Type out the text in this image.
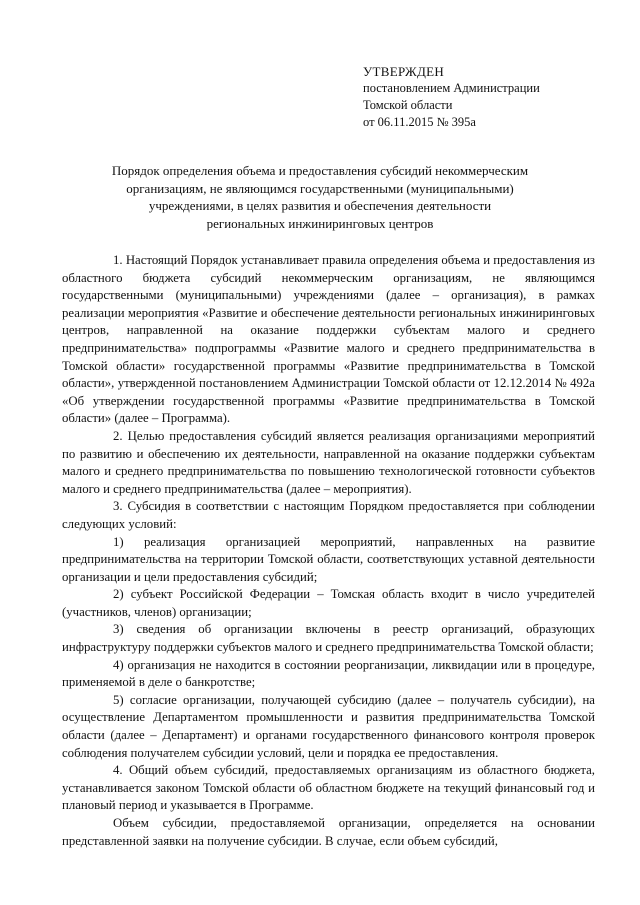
УТВЕРЖДЕН
постановлением Администрации
Томской области
от 06.11.2015 № 395а
Порядок определения объема и предоставления субсидий некоммерческим
организациям, не являющимся государственными (муниципальными)
учреждениями, в целях развития и обеспечения деятельности
региональных инжиниринговых центров

1. Настоящий Порядок устанавливает правила определения объема и предоставления из областного бюджета субсидий некоммерческим организациям, не являющимся государственными (муниципальными) учреждениями (далее – организация), в рамках реализации мероприятия «Развитие и обеспечение деятельности региональных инжиниринговых центров, направленной на оказание поддержки субъектам малого и среднего предпринимательства» подпрограммы «Развитие малого и среднего предпринимательства в Томской области» государственной программы «Развитие предпринимательства в Томской области», утвержденной постановлением Администрации Томской области от 12.12.2014 № 492а «Об утверждении государственной программы «Развитие предпринимательства в Томской области» (далее – Программа).

2. Целью предоставления субсидий является реализация организациями мероприятий по развитию и обеспечению их деятельности, направленной на оказание поддержки субъектам малого и среднего предпринимательства по повышению технологической готовности субъектов малого и среднего предпринимательства (далее – мероприятия).

3. Субсидия в соответствии с настоящим Порядком предоставляется при соблюдении следующих условий:

1) реализация организацией мероприятий, направленных на развитие предпринимательства на территории Томской области, соответствующих уставной деятельности организации и цели предоставления субсидий;

2) субъект Российской Федерации – Томская область входит в число учредителей (участников, членов) организации;

3) сведения об организации включены в реестр организаций, образующих инфраструктуру поддержки субъектов малого и среднего предпринимательства Томской области;

4) организация не находится в состоянии реорганизации, ликвидации или в процедуре, применяемой в деле о банкротстве;

5) согласие организации, получающей субсидию (далее – получатель субсидии), на осуществление Департаментом промышленности и развития предпринимательства Томской области (далее – Департамент) и органами государственного финансового контроля проверок соблюдения получателем субсидии условий, цели и порядка ее предоставления.

4. Общий объем субсидий, предоставляемых организациям из областного бюджета, устанавливается законом Томской области об областном бюджете на текущий финансовый год и плановый период и указывается в Программе.

Объем субсидии, предоставляемой организации, определяется на основании представленной заявки на получение субсидии. В случае, если объем субсидий,
